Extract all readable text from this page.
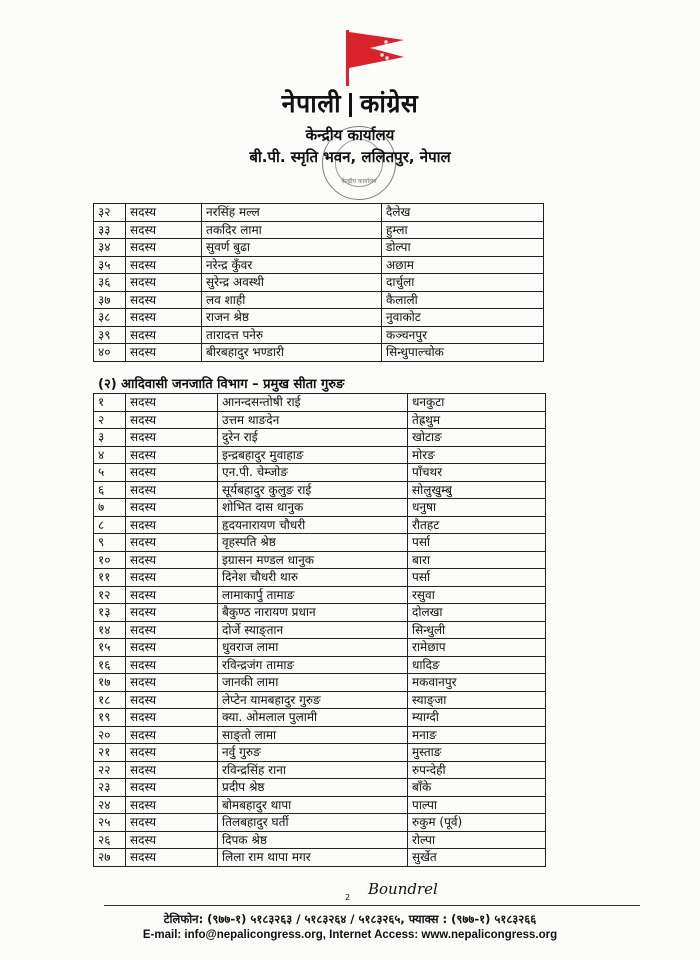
नेपाली कांग्रेस
केन्द्रीय कार्यालय
केन्द्रीय कार्यालय
बी.पी. स्मृति भवन, ललितपुर, नेपाल
३२	सदस्य	नरसिंह मल्ल	दैलेख
३३	सदस्य	तकदिर लामा	हुम्ला
३४	सदस्य	सुवर्ण बुढा	डोल्पा
३५	सदस्य	नरेन्द्र कुँवर	अछाम
३६	सदस्य	सुरेन्द्र अवस्थी	दार्चुला
३७	सदस्य	लव शाही	कैलाली
३८	सदस्य	राजन श्रेष्ठ	नुवाकोट
३९	सदस्य	तारादत्त पनेरु	कञ्चनपुर
४०	सदस्य	बीरबहादुर भण्डारी	सिन्धुपाल्चोक
(२) आदिवासी जनजाति विभाग – प्रमुख सीता गुरुङ
१	सदस्य	आनन्दसन्तोषी राई	धनकुटा
२	सदस्य	उत्तम थाङदेन	तेह्रथुम
३	सदस्य	दुरेन राई	खोटाङ
४	सदस्य	इन्द्रबहादुर मुवाहाङ	मोरङ
५	सदस्य	एन.पी. चेम्जोङ	पाँचथर
६	सदस्य	सूर्यबहादुर कुलुङ राई	सोलुखुम्बु
७	सदस्य	शोभित दास धानुक	धनुषा
८	सदस्य	हृदयनारायण चौधरी	रौतहट
९	सदस्य	वृहस्पति श्रेष्ठ	पर्सा
१०	सदस्य	इग्रासन मण्डल धानुक	बारा
११	सदस्य	दिनेश चौधरी थारु	पर्सा
१२	सदस्य	लामाकार्पु तामाङ	रसुवा
१३	सदस्य	बैकुण्ठ नारायण प्रधान	दोलखा
१४	सदस्य	दोर्जे स्याङ्तान	सिन्धुली
१५	सदस्य	धुवराज लामा	रामेछाप
१६	सदस्य	रविन्द्रजंग तामाङ	धादिङ
१७	सदस्य	जानकी लामा	मकवानपुर
१८	सदस्य	लेप्टेन यामबहादुर गुरुङ	स्याङ्जा
१९	सदस्य	क्या. ओमलाल पुलामी	म्याग्दी
२०	सदस्य	साङ्तो लामा	मनाङ
२१	सदस्य	नर्वु गुरुङ	मुस्ताङ
२२	सदस्य	रविन्द्रसिंह राना	रुपन्देही
२३	सदस्य	प्रदीप श्रेष्ठ	बाँके
२४	सदस्य	बोमबहादुर थापा	पाल्पा
२५	सदस्य	तिलबहादुर घर्ती	रुकुम (पूर्व)
२६	सदस्य	दिपक श्रेष्ठ	रोल्पा
२७	सदस्य	लिला राम थापा मगर	सुर्खेत
2 Boundrel
टेलिफोन: (९७७-१) ५१८३२६३ / ५१८३२६४ / ५१८३२६५, फ्याक्स : (९७७-१) ५१८३२६६
E-mail: info@nepalicongress.org, Internet Access: www.nepalicongress.org
